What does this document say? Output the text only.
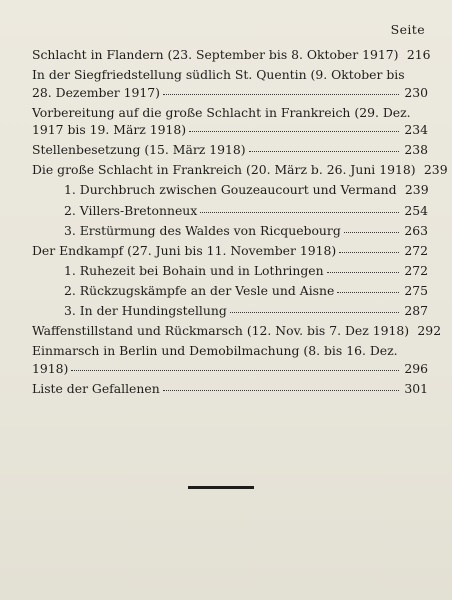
Seite
Schlacht in Flandern (23. September bis 8. Oktober 1917) 216
In der Siegfriedstellung südlich St. Quentin (9. Oktober bis
28. Dezember 1917)	230
Vorbereitung auf die große Schlacht in Frankreich (29. Dez.
1917 bis 19. März 1918)	234
Stellenbesetzung (15. März 1918)	238
Die große Schlacht in Frankreich (20. März b. 26. Juni 1918) 239
1. Durchbruch zwischen Gouzeaucourt und Vermand 239
2. Villers-Bretonneux	254
3. Erstürmung des Waldes von Ricquebourg	263
Der Endkampf (27. Juni bis 11. November 1918)	272
1. Ruhezeit bei Bohain und in Lothringen	272
2. Rückzugskämpfe an der Vesle und Aisne	275
3. In der Hundingstellung	287
Waffenstillstand und Rückmarsch (12. Nov. bis 7. Dez 1918) 292
Einmarsch in Berlin und Demobilmachung (8. bis 16. Dez.
1918)	296
Liste der Gefallenen	301
